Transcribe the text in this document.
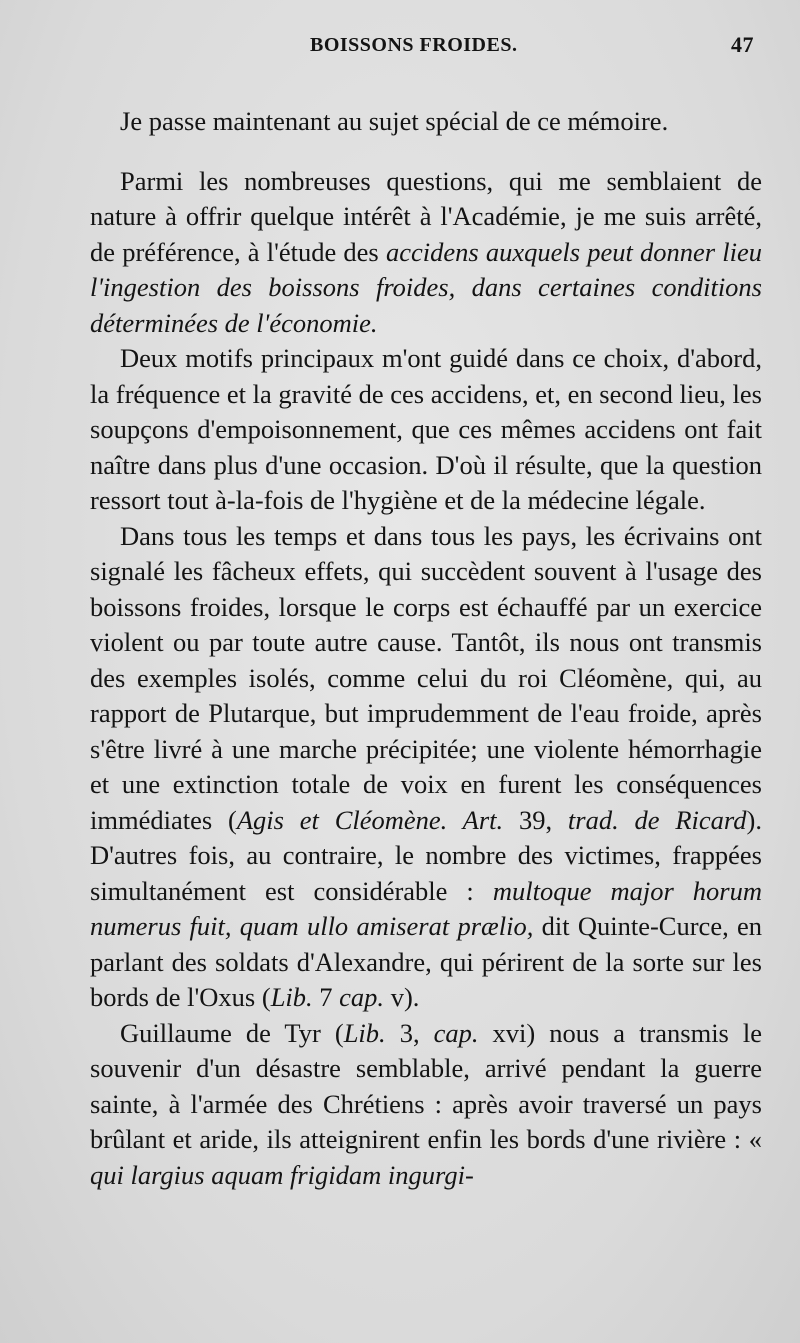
BOISSONS FROIDES.	47

Je passe maintenant au sujet spécial de ce mémoire.

Parmi les nombreuses questions, qui me semblaient de nature à offrir quelque intérêt à l'Académie, je me suis arrêté, de préférence, à l'étude des accidens auxquels peut donner lieu l'ingestion des boissons froides, dans certaines conditions déterminées de l'économie.

Deux motifs principaux m'ont guidé dans ce choix, d'abord, la fréquence et la gravité de ces accidens, et, en second lieu, les soupçons d'empoisonnement, que ces mêmes accidens ont fait naître dans plus d'une occasion. D'où il résulte, que la question ressort tout à-la-fois de l'hygiène et de la médecine légale.

Dans tous les temps et dans tous les pays, les écrivains ont signalé les fâcheux effets, qui succèdent souvent à l'usage des boissons froides, lorsque le corps est échauffé par un exercice violent ou par toute autre cause. Tantôt, ils nous ont transmis des exemples isolés, comme celui du roi Cléomène, qui, au rapport de Plutarque, but imprudemment de l'eau froide, après s'être livré à une marche précipitée; une violente hémorrhagie et une extinction totale de voix en furent les conséquences immédiates (Agis et Cléomène. Art. 39, trad. de Ricard). D'autres fois, au contraire, le nombre des victimes, frappées simultanément est considérable : multoque major horum numerus fuit, quam ullo amiserat prælio, dit Quinte-Curce, en parlant des soldats d'Alexandre, qui périrent de la sorte sur les bords de l'Oxus (Lib. 7 cap. v).

Guillaume de Tyr (Lib. 3, cap. xvi) nous a transmis le souvenir d'un désastre semblable, arrivé pendant la guerre sainte, à l'armée des Chrétiens : après avoir traversé un pays brûlant et aride, ils atteignirent enfin les bords d'une rivière : « qui largius aquam frigidam ingurgi-
